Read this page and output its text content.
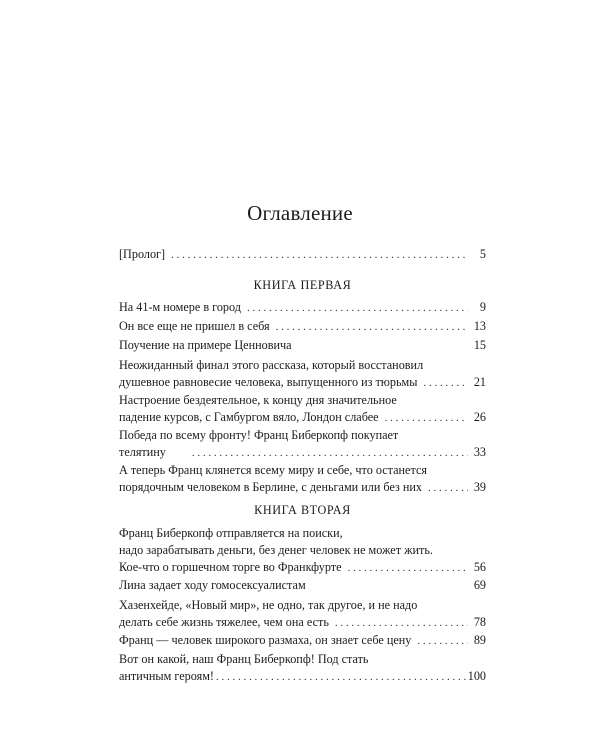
Оглавление
[Пролог] . . .	5
КНИГА ПЕРВАЯ
На 41-м номере в город . . .	9
Он все еще не пришел в себя . . .	13
Поучение на примере Ценновича	15
Неожиданный финал этого рассказа, который восстановил
душевное равновесие человека, выпущенного из тюрьмы . . .	21
Настроение бездеятельное, к концу дня значительное
падение курсов, с Гамбургом вяло, Лондон слабее . . .	26
Победа по всему фронту! Франц Биберкопф покупает
телятину . . .	33
А теперь Франц клянется всему миру и себе, что останется
порядочным человеком в Берлине, с деньгами или без них . . .	39
КНИГА ВТОРАЯ
Франц Биберкопф отправляется на поиски,
надо зарабатывать деньги, без денег человек не может жить.
Кое-что о горшечном торге во Франкфурте . . .	56
Лина задает ходу гомосексуалистам	69
Хазенхейде, «Новый мир», не одно, так другое, и не надо
делать себе жизнь тяжелее, чем она есть . . .	78
Франц — человек широкого размаха, он знает себе цену . . .	89
Вот он какой, наш Франц Биберкопф! Под стать
античным героям! . . .	100
